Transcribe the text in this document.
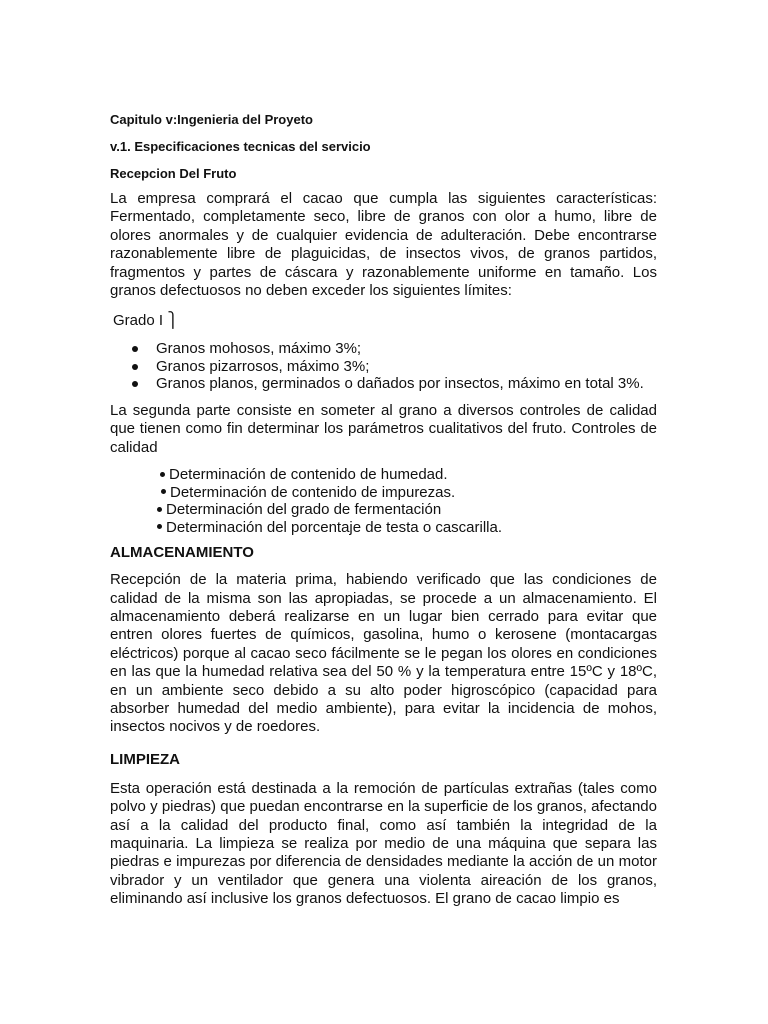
Capitulo v:Ingenieria del Proyeto

v.1. Especificaciones tecnicas del servicio

Recepcion Del Fruto

La empresa comprará el cacao que cumpla las siguientes características: Fermentado, completamente seco, libre de granos con olor a humo, libre de olores anormales y de cualquier evidencia de adulteración. Debe encontrarse razonablemente libre de plaguicidas, de insectos vivos, de granos partidos, fragmentos y partes de cáscara y razonablemente uniforme en tamaño. Los granos defectuosos no deben exceder los siguientes límites:

Grado I ⎫

Granos mohosos, máximo 3%;
Granos pizarrosos, máximo 3%;
Granos planos, germinados o dañados por insectos, máximo en total 3%.

La segunda parte consiste en someter al grano a diversos controles de calidad que tienen como fin determinar los parámetros cualitativos del fruto. Controles de calidad

Determinación de contenido de humedad.
Determinación de contenido de impurezas.
Determinación del grado de fermentación
Determinación del porcentaje de testa o cascarilla.

ALMACENAMIENTO

Recepción de la materia prima, habiendo verificado que las condiciones de calidad de la misma son las apropiadas, se procede a un almacenamiento. El almacenamiento deberá realizarse en un lugar bien cerrado para evitar que entren olores fuertes de químicos, gasolina, humo o kerosene (montacargas eléctricos) porque al cacao seco fácilmente se le pegan los olores en condiciones en las que la humedad relativa sea del 50 % y la temperatura entre 15ºC y 18ºC, en un ambiente seco debido a su alto poder higroscópico (capacidad para absorber humedad del medio ambiente), para evitar la incidencia de mohos, insectos nocivos y de roedores.

LIMPIEZA

Esta operación está destinada a la remoción de partículas extrañas (tales como polvo y piedras) que puedan encontrarse en la superficie de los granos, afectando así a la calidad del producto final, como así también la integridad de la maquinaria. La limpieza se realiza por medio de una máquina que separa las piedras e impurezas por diferencia de densidades mediante la acción de un motor vibrador y un ventilador que genera una violenta aireación de los granos, eliminando así inclusive los granos defectuosos. El grano de cacao limpio es
